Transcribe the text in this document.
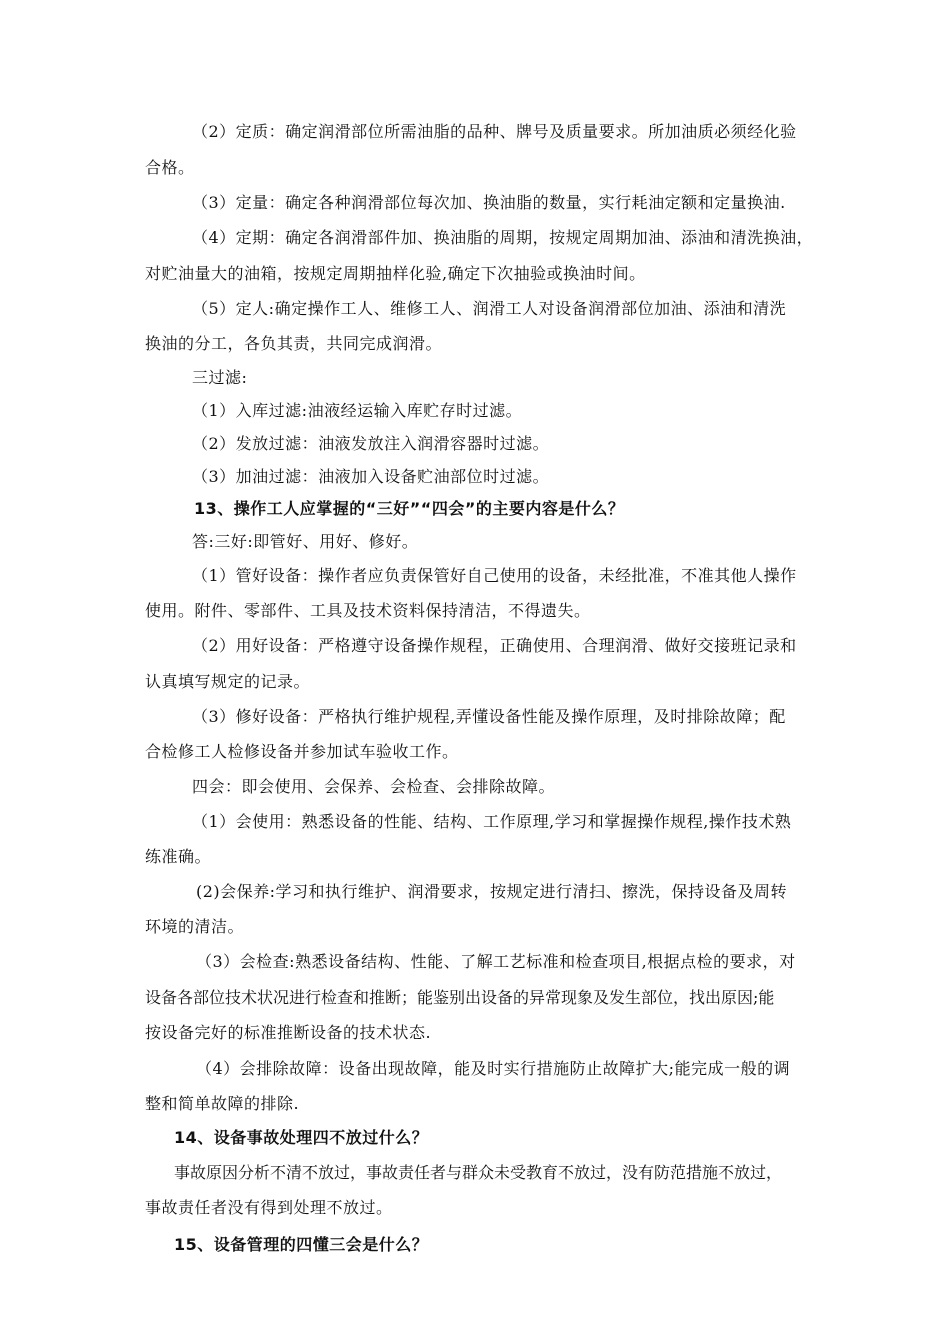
（2）定质：确定润滑部位所需油脂的品种、牌号及质量要求。所加油质必须经化验

合格。

（3）定量：确定各种润滑部位每次加、换油脂的数量，实行耗油定额和定量换油.

（4）定期：确定各润滑部件加、换油脂的周期，按规定周期加油、添油和清洗换油，

对贮油量大的油箱，按规定周期抽样化验,确定下次抽验或换油时间。

（5）定人:确定操作工人、维修工人、润滑工人对设备润滑部位加油、添油和清洗

换油的分工，各负其责，共同完成润滑。

三过滤:

（1）入库过滤:油液经运输入库贮存时过滤。

（2）发放过滤：油液发放注入润滑容器时过滤。

（3）加油过滤：油液加入设备贮油部位时过滤。

13、操作工人应掌握的“三好”“四会”的主要内容是什么？

答:三好:即管好、用好、修好。

（1）管好设备：操作者应负责保管好自己使用的设备，未经批准，不准其他人操作

使用。附件、零部件、工具及技术资料保持清洁，不得遗失。

（2）用好设备：严格遵守设备操作规程，正确使用、合理润滑、做好交接班记录和

认真填写规定的记录。

（3）修好设备：严格执行维护规程,弄懂设备性能及操作原理，及时排除故障；配

合检修工人检修设备并参加试车验收工作。

四会：即会使用、会保养、会检查、会排除故障。

（1）会使用：熟悉设备的性能、结构、工作原理,学习和掌握操作规程,操作技术熟

练准确。

(2)会保养:学习和执行维护、润滑要求，按规定进行清扫、擦洗，保持设备及周转

环境的清洁。

（3）会检查:熟悉设备结构、性能、了解工艺标准和检查项目,根据点检的要求，对

设备各部位技术状况进行检查和推断；能鉴别出设备的异常现象及发生部位，找出原因;能

按设备完好的标准推断设备的技术状态.

（4）会排除故障：设备出现故障，能及时实行措施防止故障扩大;能完成一般的调

整和简单故障的排除.

14、设备事故处理四不放过什么？

事故原因分析不清不放过，事故责任者与群众未受教育不放过，没有防范措施不放过，

事故责任者没有得到处理不放过。

15、设备管理的四懂三会是什么？
